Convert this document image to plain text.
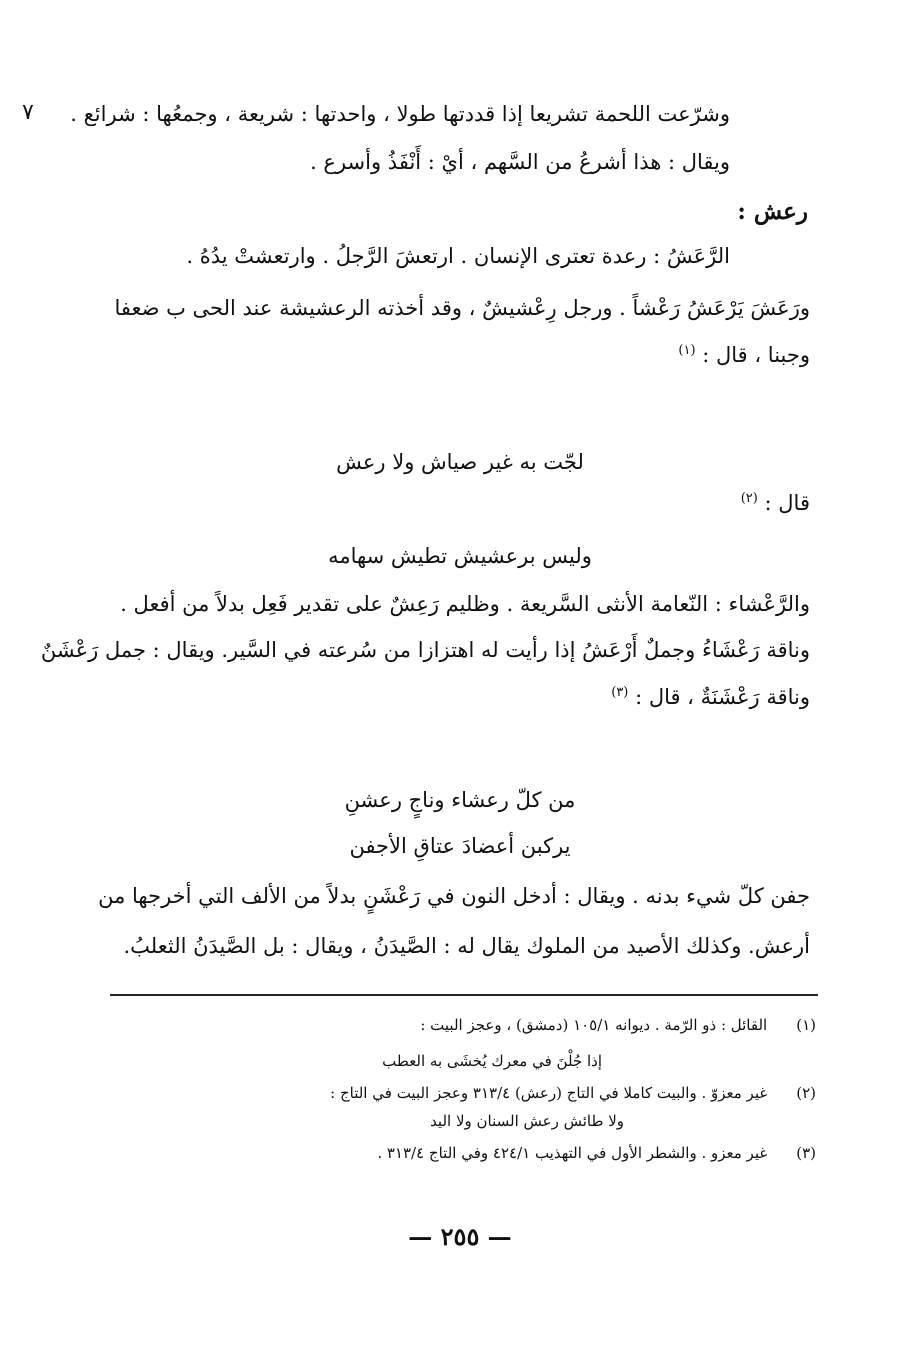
٧ وشرّعت اللحمة تشريعا إذا قددتها طولا ، واحدتها : شريعة ، وجمعُها : شرائع .
ويقال : هذا أشرعُ من السَّهم ، أيْ : أَنْفَذُ وأسرع .
رعش :
الرَّعَشُ : رعدة تعترى الإنسان . ارتعشَ الرَّجلُ . وارتعشتْ يدُهُ .
ورَعَشَ يَرْعَشُ رَعْشاً . ورجل رِعْشيشٌ ، وقد أخذته الرعشيشة عند الحى ب ضعفا
وجبنا ، قال : $^{(١)}$
لجّت به غير صياش ولا رعش
قال : $^{(٢)}$
وليس برعشيش تطيش سهامه
والرَّعْشاء : النّعامة الأنثى السَّريعة . وظليم رَعِشٌ على تقدير فَعِل بدلاً من أفعل .
وناقة رَعْشَاءُ وجملٌ أَرْعَشُ إذا رأيت له اهتزازا من سُرعته في السَّير. ويقال : جمل رَعْشَنٌ
وناقة رَعْشَنَةٌ ، قال : $^{(٣)}$
من كلّ رعشاء وناجٍ رعشنِ
يركبن أعضادَ عتاقِ الأجفن
جفن كلّ شيء بدنه . ويقال : أدخل النون في رَعْشَنٍ بدلاً من الألف التي أخرجها من
أرعش. وكذلك الأصيد من الملوك يقال له : الصَّيدَنُ ، ويقال : بل الصَّيدَنُ الثعلبُ.
(١) القائل : ذو الرّمة . ديوانه ١٠٥/١ (دمشق) ، وعجز البيت :
إذا جُلْنَ في معرك يُخشَى به العطب
(٢) غير معزوّ . والبيت كاملا في التاج (رعش) ٣١٣/٤ وعجز البيت في التاج :
ولا طائش رعش السنان ولا اليد
(٣) غير معزو . والشطر الأول في التهذيب ٤٢٤/١ وفي التاج ٣١٣/٤ .
— ٢٥٥ —
